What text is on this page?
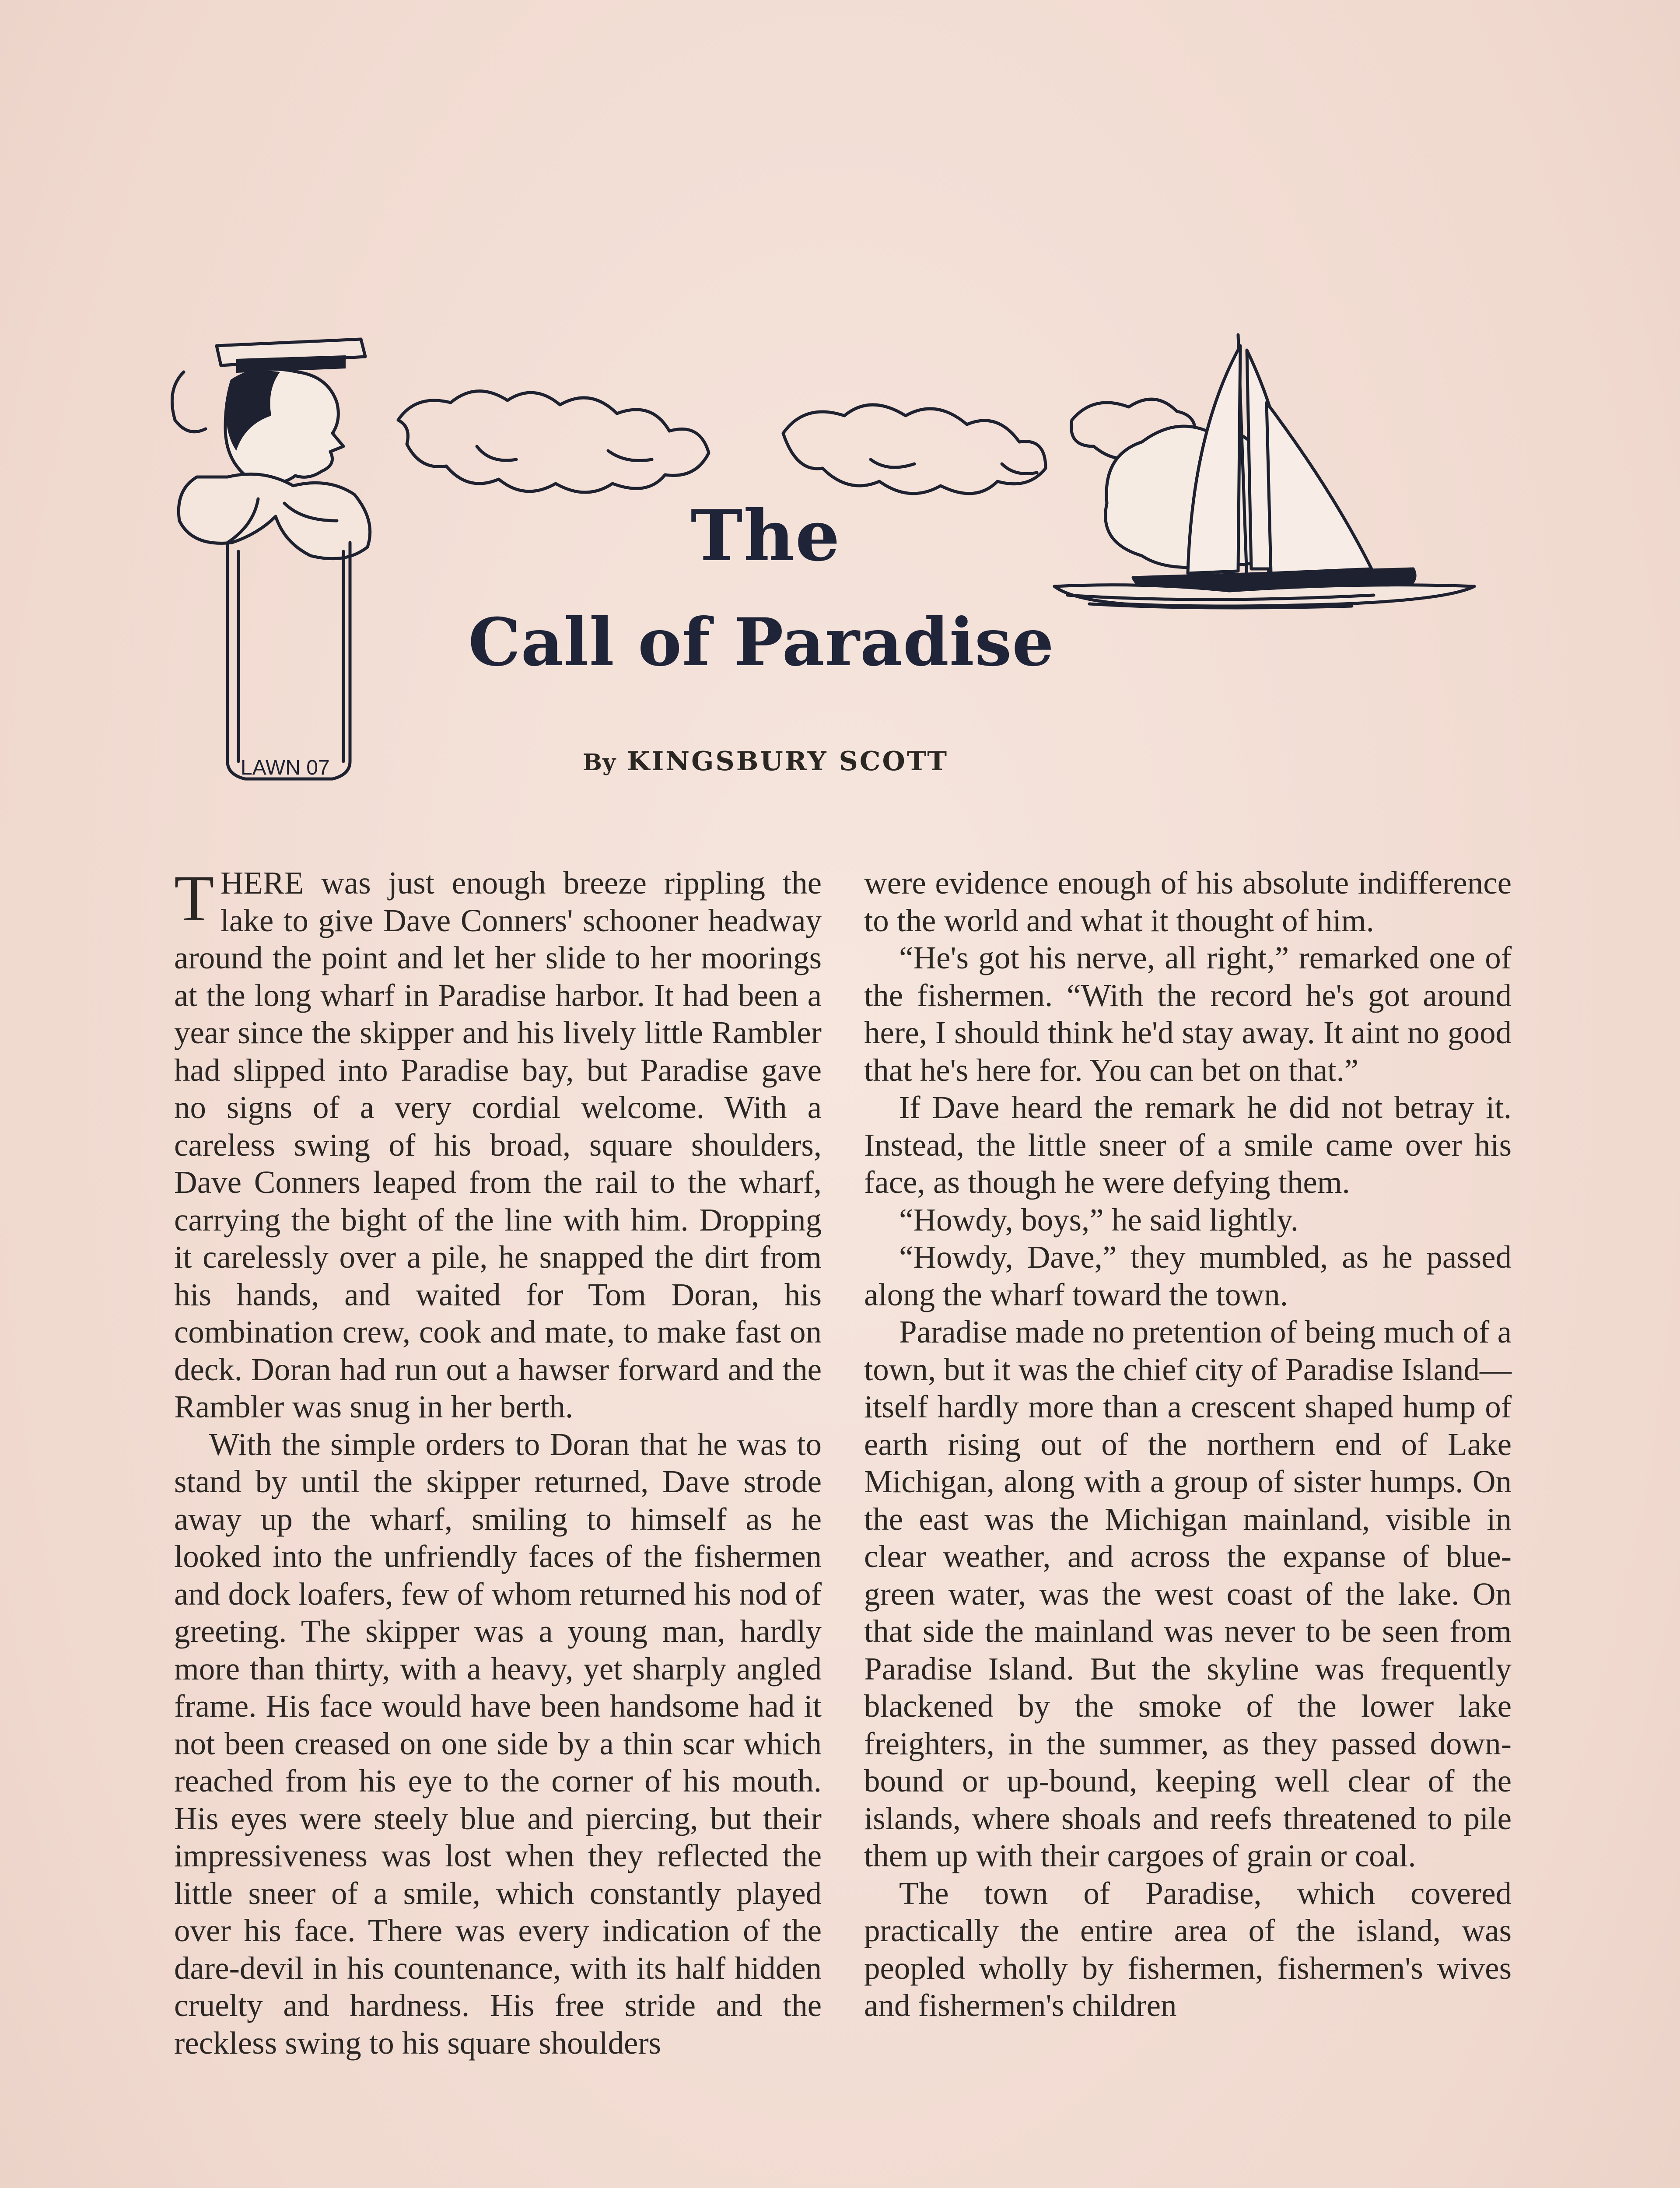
LAWN 07
The
Call of Paradise
By KINGSBURY SCOTT

THERE was just enough breeze rippling the lake to give Dave Conners' schooner headway around the point and let her slide to her moorings at the long wharf in Paradise harbor. It had been a year since the skipper and his lively little Rambler had slipped into Paradise bay, but Paradise gave no signs of a very cordial welcome. With a careless swing of his broad, square shoulders, Dave Conners leaped from the rail to the wharf, carrying the bight of the line with him. Dropping it carelessly over a pile, he snapped the dirt from his hands, and waited for Tom Doran, his combination crew, cook and mate, to make fast on deck. Doran had run out a hawser forward and the Rambler was snug in her berth.

With the simple orders to Doran that he was to stand by until the skipper returned, Dave strode away up the wharf, smiling to himself as he looked into the unfriendly faces of the fishermen and dock loafers, few of whom returned his nod of greeting. The skipper was a young man, hardly more than thirty, with a heavy, yet sharply angled frame. His face would have been handsome had it not been creased on one side by a thin scar which reached from his eye to the corner of his mouth. His eyes were steely blue and piercing, but their impressiveness was lost when they reflected the little sneer of a smile, which constantly played over his face. There was every indication of the dare-devil in his countenance, with its half hidden cruelty and hardness. His free stride and the reckless swing to his square shoulders

were evidence enough of his absolute indifference to the world and what it thought of him.

“He's got his nerve, all right,” remarked one of the fishermen. “With the record he's got around here, I should think he'd stay away. It aint no good that he's here for. You can bet on that.”

If Dave heard the remark he did not betray it. Instead, the little sneer of a smile came over his face, as though he were defying them.

“Howdy, boys,” he said lightly.

“Howdy, Dave,” they mumbled, as he passed along the wharf toward the town.

Paradise made no pretention of being much of a town, but it was the chief city of Paradise Island—itself hardly more than a crescent shaped hump of earth rising out of the northern end of Lake Michigan, along with a group of sister humps. On the east was the Michigan mainland, visible in clear weather, and across the expanse of blue-green water, was the west coast of the lake. On that side the mainland was never to be seen from Paradise Island. But the skyline was frequently blackened by the smoke of the lower lake freighters, in the summer, as they passed down-bound or up-bound, keeping well clear of the islands, where shoals and reefs threatened to pile them up with their cargoes of grain or coal.

The town of Paradise, which covered practically the entire area of the island, was peopled wholly by fishermen, fishermen's wives and fishermen's children
